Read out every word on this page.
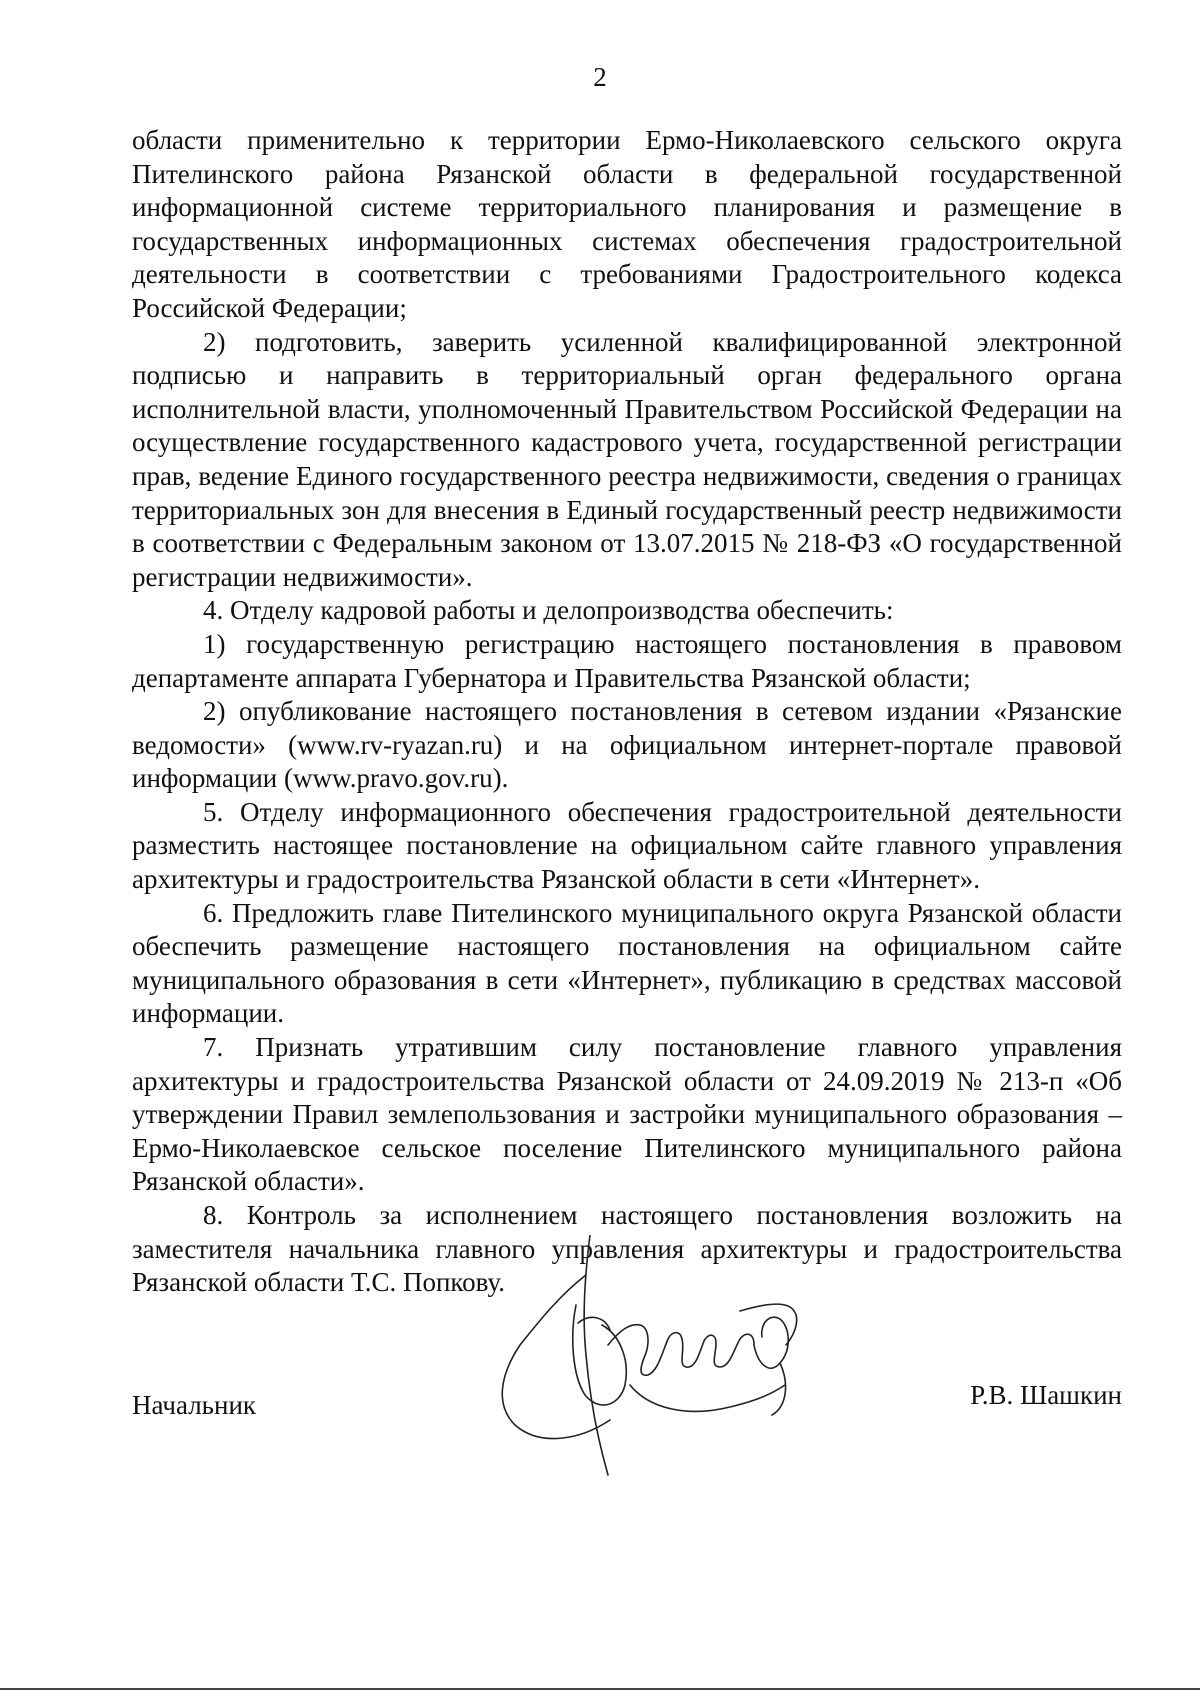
2

области применительно к территории Ермо-Николаевского сельского округа Пителинского района Рязанской области в федеральной государственной информационной системе территориального планирования и размещение в государственных информационных системах обеспечения градостроительной деятельности в соответствии с требованиями Градостроительного кодекса Российской Федерации;

2) подготовить, заверить усиленной квалифицированной электронной подписью и направить в территориальный орган федерального органа исполнительной власти, уполномоченный Правительством Российской Федерации на осуществление государственного кадастрового учета, государственной регистрации прав, ведение Единого государственного реестра недвижимости, сведения о границах территориальных зон для внесения в Единый государственный реестр недвижимости в соответствии с Федеральным законом от 13.07.2015 № 218-ФЗ «О государственной регистрации недвижимости».

4. Отделу кадровой работы и делопроизводства обеспечить:

1) государственную регистрацию настоящего постановления в правовом департаменте аппарата Губернатора и Правительства Рязанской области;

2) опубликование настоящего постановления в сетевом издании «Рязанские ведомости» (www.rv-ryazan.ru) и на официальном интернет-портале правовой информации (www.pravo.gov.ru).

5. Отделу информационного обеспечения градостроительной деятельности разместить настоящее постановление на официальном сайте главного управления архитектуры и градостроительства Рязанской области в сети «Интернет».

6. Предложить главе Пителинского муниципального округа Рязанской области обеспечить размещение настоящего постановления на официальном сайте муниципального образования в сети «Интернет», публикацию в средствах массовой информации.

7. Признать утратившим силу постановление главного управления архитектуры и градостроительства Рязанской области от 24.09.2019 № 213-п «Об утверждении Правил землепользования и застройки муниципального образования – Ермо-Николаевское сельское поселение Пителинского муниципального района Рязанской области».

8. Контроль за исполнением настоящего постановления возложить на заместителя начальника главного управления архитектуры и градостроительства Рязанской области Т.С. Попкову.

Начальник	Р.В. Шашкин
